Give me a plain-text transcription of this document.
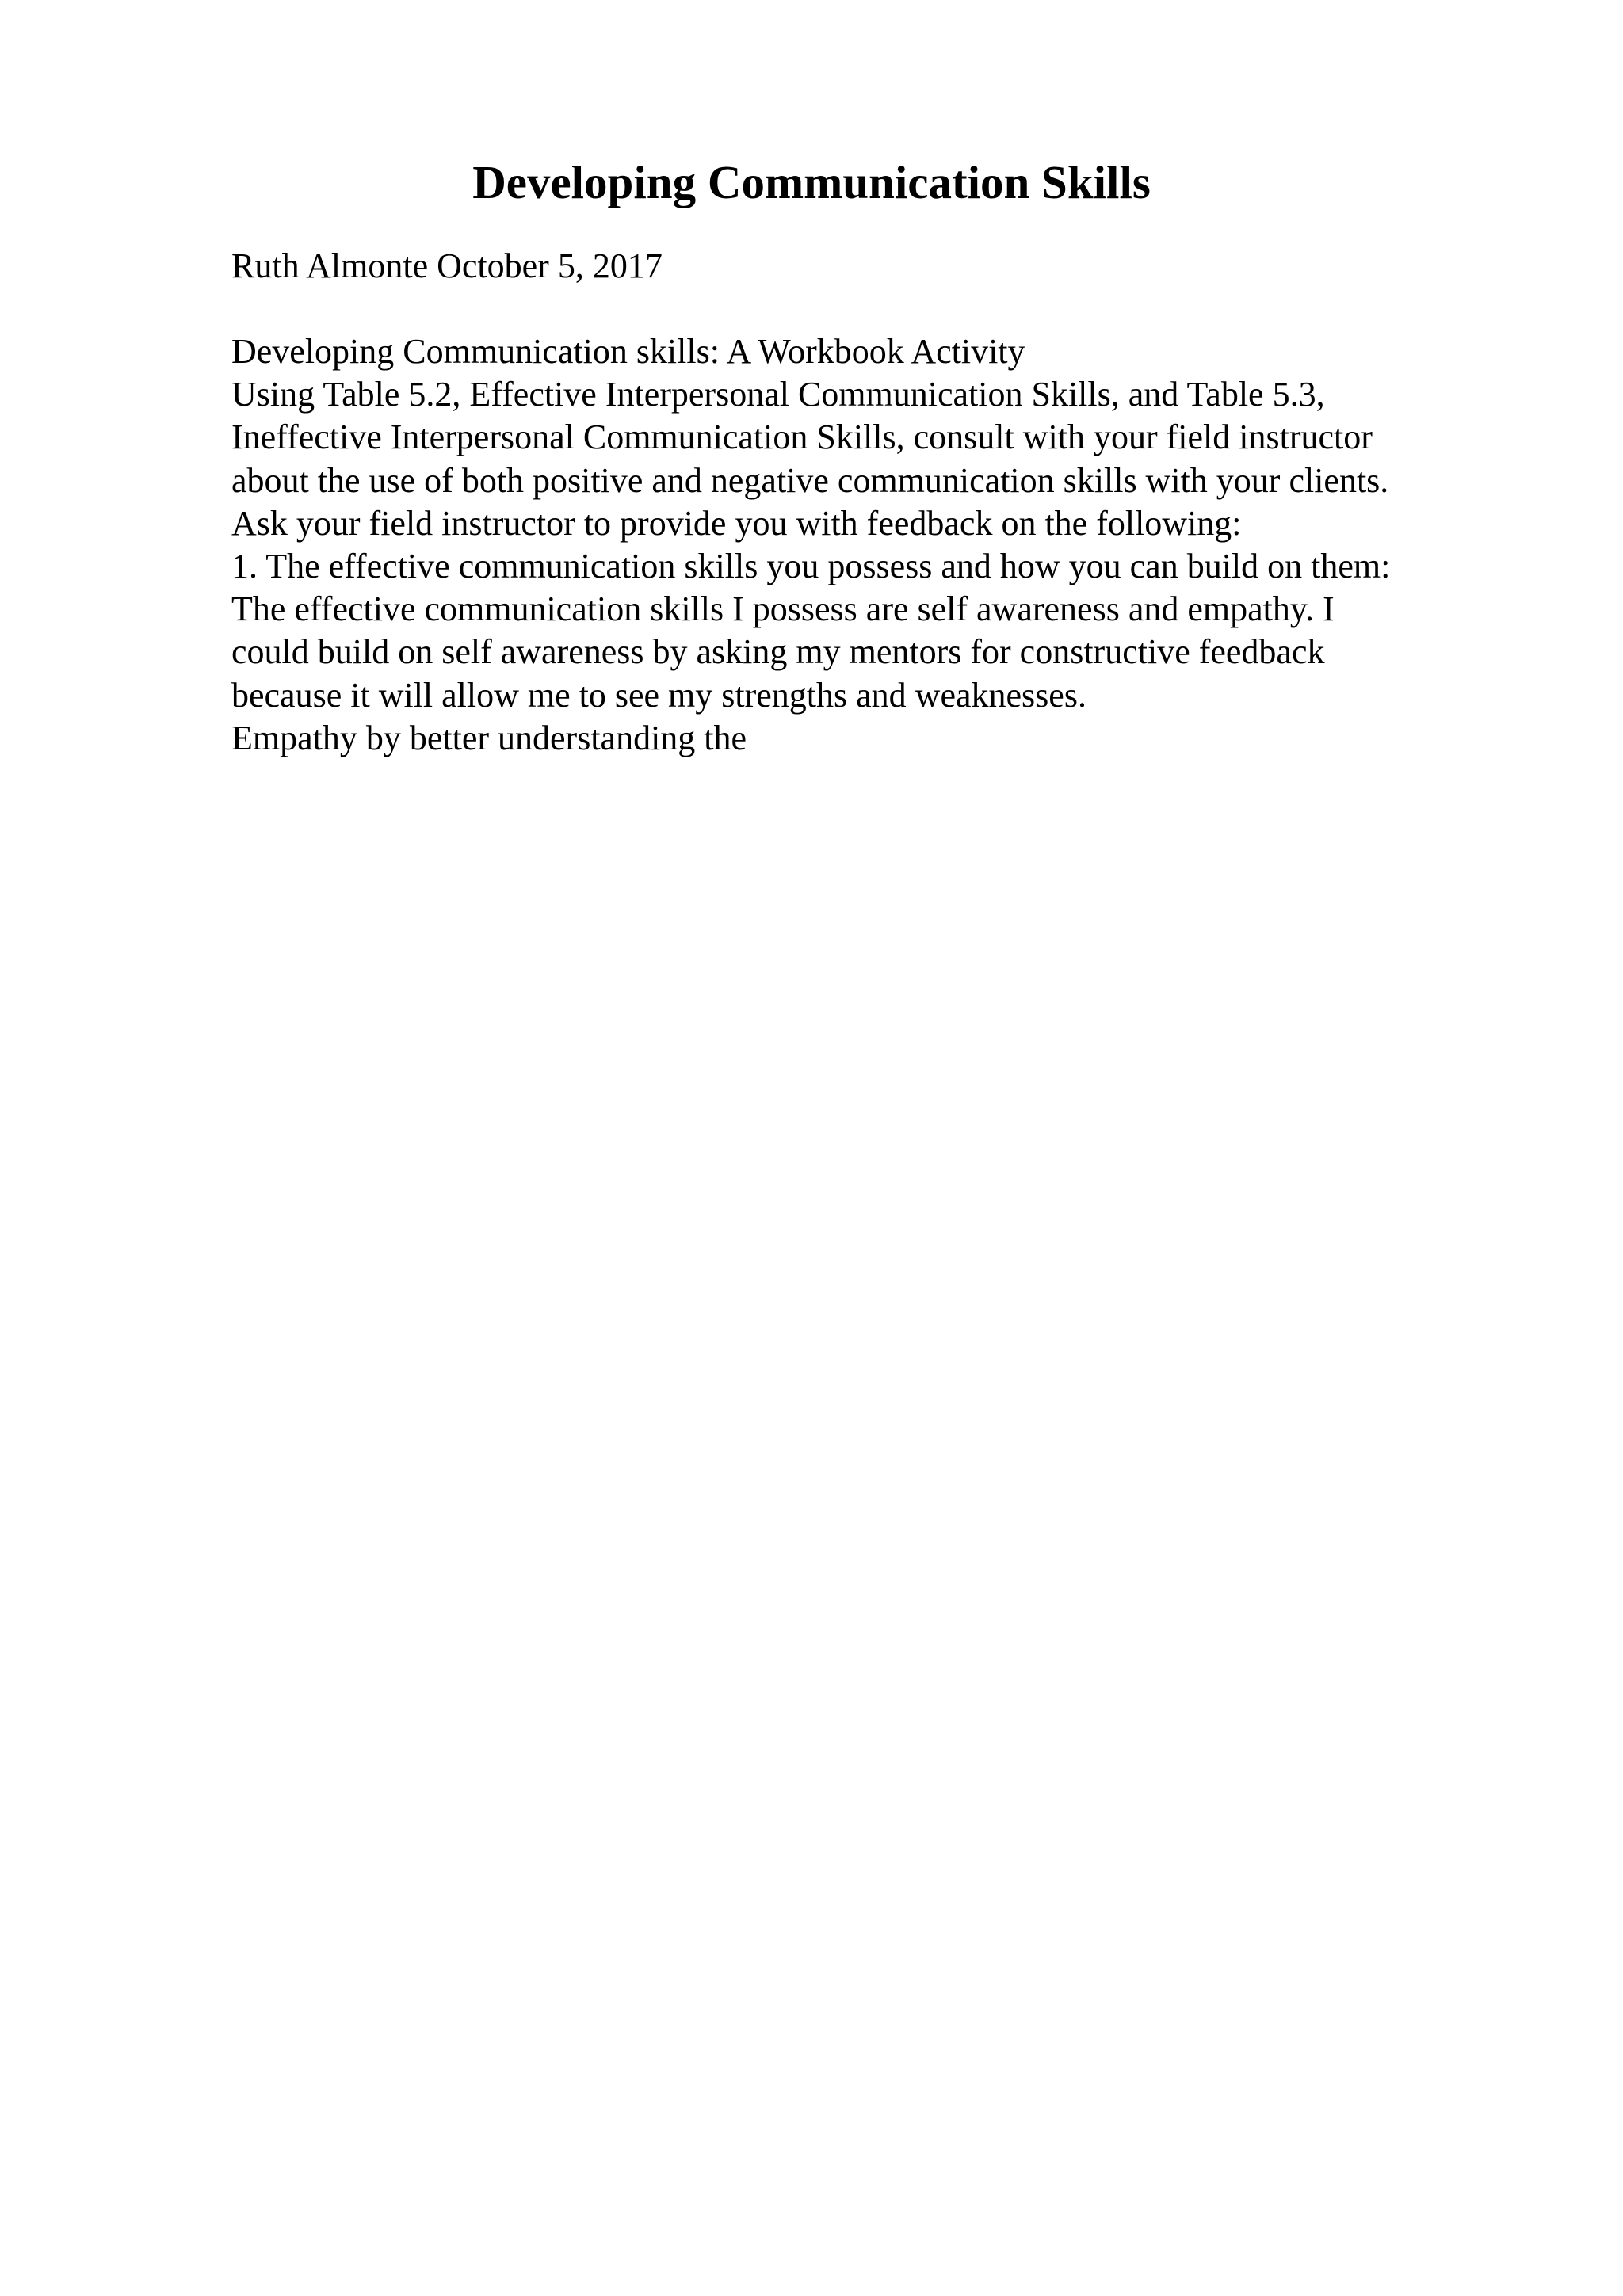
Developing Communication Skills

Ruth Almonte October 5, 2017

Developing Communication skills: A Workbook Activity
Using Table 5.2, Effective Interpersonal Communication Skills, and Table 5.3,
Ineffective Interpersonal Communication Skills, consult with your field instructor
about the use of both positive and negative communication skills with your clients.
Ask your field instructor to provide you with feedback on the following:
1. The effective communication skills you possess and how you can build on them:
The effective communication skills I possess are self awareness and empathy. I
could build on self awareness by asking my mentors for constructive feedback
because it will allow me to see my strengths and weaknesses.
Empathy by better understanding the
